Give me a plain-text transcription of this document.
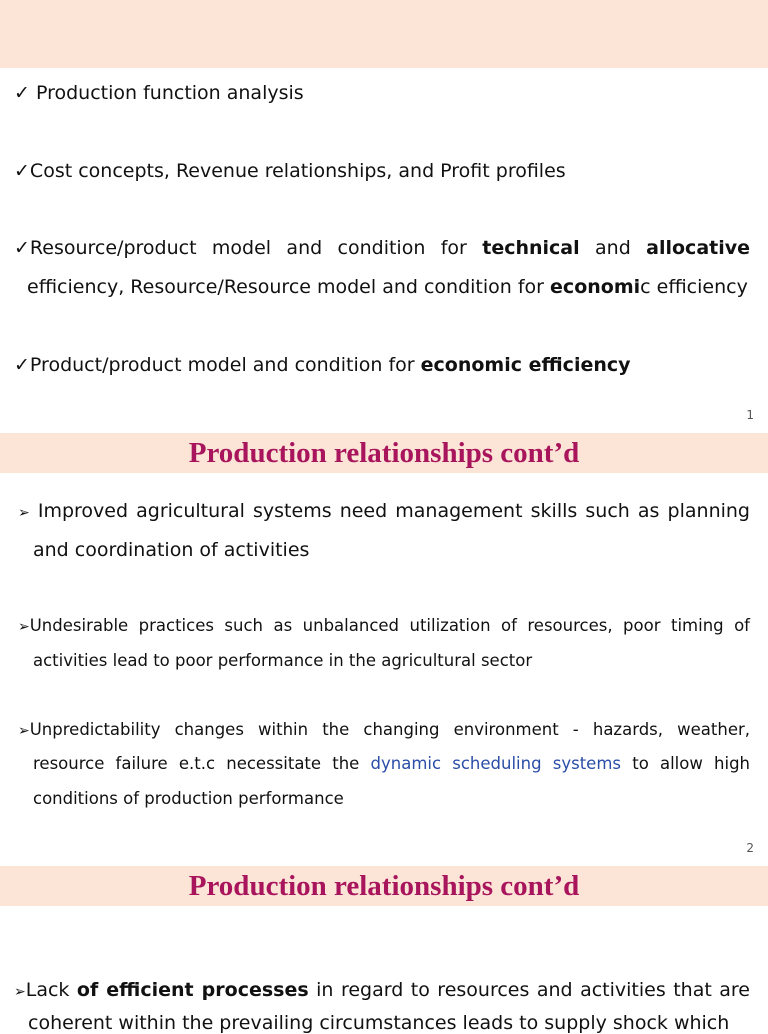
✓ Production function analysis
✓Cost concepts, Revenue relationships, and Profit profiles
✓Resource/product model and condition for technical and allocative
efficiency, Resource/Resource model and condition for economic efficiency
✓Product/product model and condition for economic efficiency
1
Production relationships cont’d
➢ Improved agricultural systems need management skills such as planning
and coordination of activities
➢Undesirable practices such as unbalanced utilization of resources, poor timing of
activities lead to poor performance in the agricultural sector
➢Unpredictability changes within the changing environment - hazards, weather,
resource failure e.t.c necessitate the dynamic scheduling systems to allow high
conditions of production performance
2
Production relationships cont’d
➢Lack of efficient processes in regard to resources and activities that are
coherent within the prevailing circumstances leads to supply shock which
